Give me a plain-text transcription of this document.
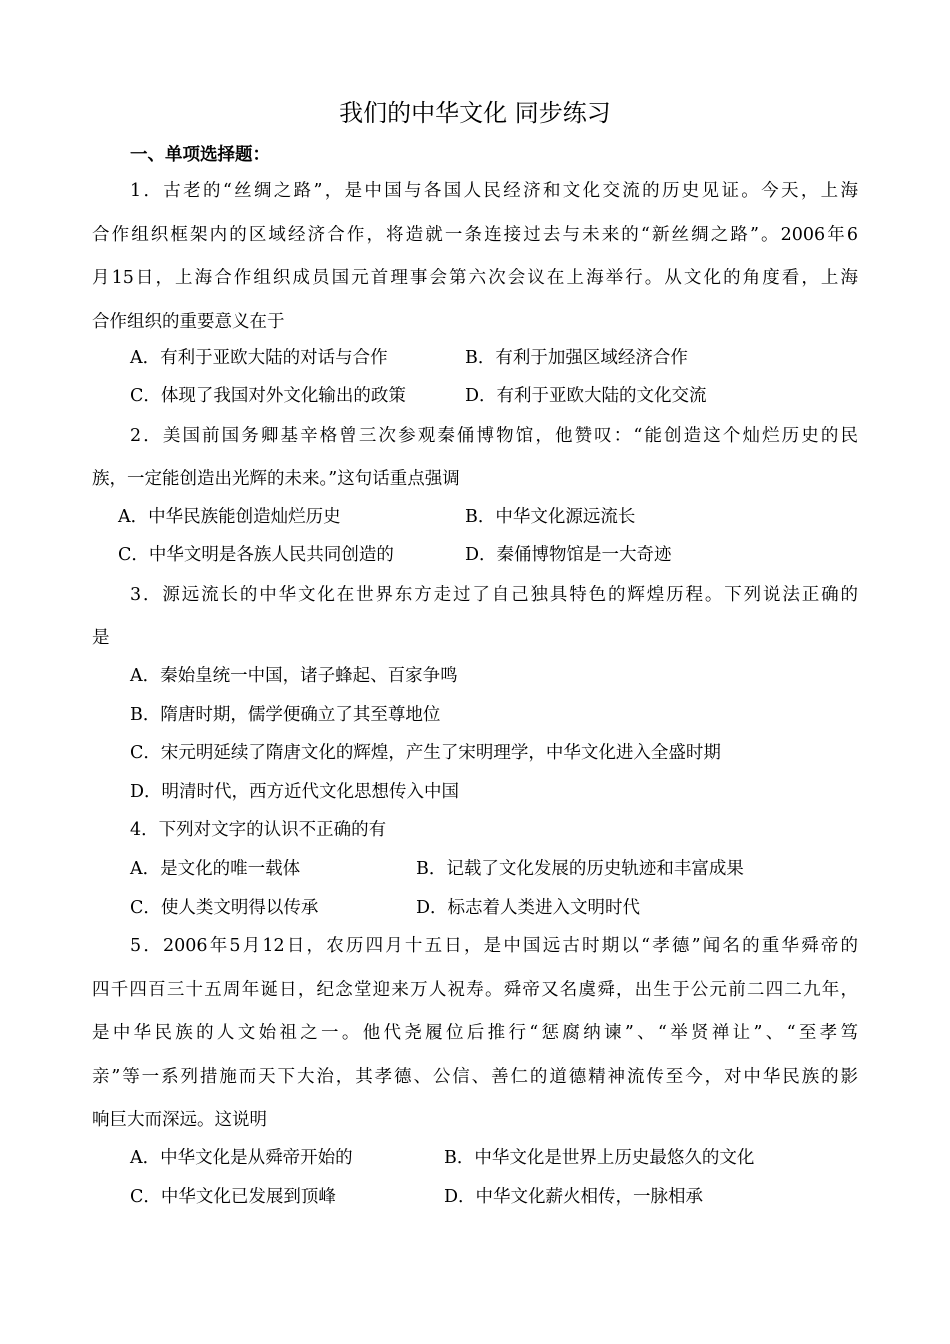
我们的中华文化 同步练习
一、单项选择题：
1．古老的“丝绸之路”，是中国与各国人民经济和文化交流的历史见证。今天，上海
合作组织框架内的区域经济合作，将造就一条连接过去与未来的“新丝绸之路”。2006年6
月15日，上海合作组织成员国元首理事会第六次会议在上海举行。从文化的角度看，上海
合作组织的重要意义在于
A．有利于亚欧大陆的对话与合作	B．有利于加强区域经济合作
C．体现了我国对外文化输出的政策	D．有利于亚欧大陆的文化交流
2．美国前国务卿基辛格曾三次参观秦俑博物馆，他赞叹：“能创造这个灿烂历史的民
族，一定能创造出光辉的未来。”这句话重点强调
A．中华民族能创造灿烂历史	B．中华文化源远流长
C．中华文明是各族人民共同创造的	D．秦俑博物馆是一大奇迹
3．源远流长的中华文化在世界东方走过了自己独具特色的辉煌历程。下列说法正确的
是
A．秦始皇统一中国，诸子蜂起、百家争鸣
B．隋唐时期，儒学便确立了其至尊地位
C．宋元明延续了隋唐文化的辉煌，产生了宋明理学，中华文化进入全盛时期
D．明清时代，西方近代文化思想传入中国
4．下列对文字的认识不正确的有
A．是文化的唯一载体	B．记载了文化发展的历史轨迹和丰富成果
C．使人类文明得以传承	D．标志着人类进入文明时代
5．2006年5月12日，农历四月十五日，是中国远古时期以“孝德”闻名的重华舜帝的
四千四百三十五周年诞日，纪念堂迎来万人祝寿。舜帝又名虞舜，出生于公元前二四二九年，
是中华民族的人文始祖之一。他代尧履位后推行“惩腐纳谏”、“举贤禅让”、“至孝笃
亲”等一系列措施而天下大治，其孝德、公信、善仁的道德精神流传至今，对中华民族的影
响巨大而深远。这说明
A．中华文化是从舜帝开始的	B．中华文化是世界上历史最悠久的文化
C．中华文化已发展到顶峰	D．中华文化薪火相传，一脉相承
